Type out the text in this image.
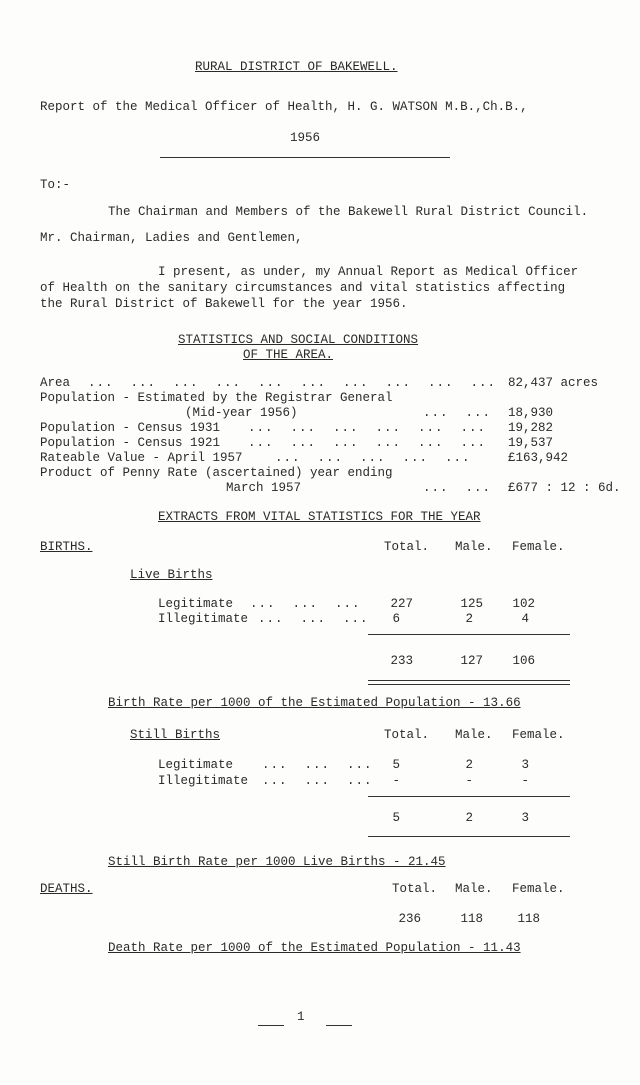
RURAL DISTRICT OF BAKEWELL.
Report of the Medical Officer of Health, H. G. WATSON M.B.,Ch.B.,
1956
To:-
The Chairman and Members of the Bakewell Rural District Council.
Mr. Chairman, Ladies and Gentlemen,
I present, as under, my Annual Report as Medical Officer
of Health on the sanitary circumstances and vital statistics affecting
the Rural District of Bakewell for the year 1956.
STATISTICS AND SOCIAL CONDITIONS
OF THE AREA.
Area ...  ...  ...  ...  ...  ...  ...  ...  ...  ... 82,437 acres
Population - Estimated by the Registrar General
(Mid-year 1956)	...  ... 18,930
Population - Census 1931 ...  ...  ...  ...  ...  ... 19,282
Population - Census 1921 ...  ...  ...  ...  ...  ... 19,537
Rateable Value - April 1957	...  ...  ...  ...  ...	£163,942
Product of Penny Rate (ascertained) year ending
March 1957	...  ... £677 : 12 : 6d.
EXTRACTS FROM VITAL STATISTICS FOR THE YEAR
BIRTHS.	Total. Male. Female.
Live Births
Legitimate ...  ...  ...	227	125	102
Illegitimate ...  ...  ...	6	2	4
233	127	106
Birth Rate per 1000 of the Estimated Population - 13.66
Still Births	Total. Male. Female.
Legitimate ...  ...  ...	5	2	3
Illegitimate ...  ...  ...	-	-	-
5	2	3
Still Birth Rate per 1000 Live Births - 21.45
DEATHS.	Total. Male. Female.
236	118	118
Death Rate per 1000 of the Estimated Population - 11.43
1
